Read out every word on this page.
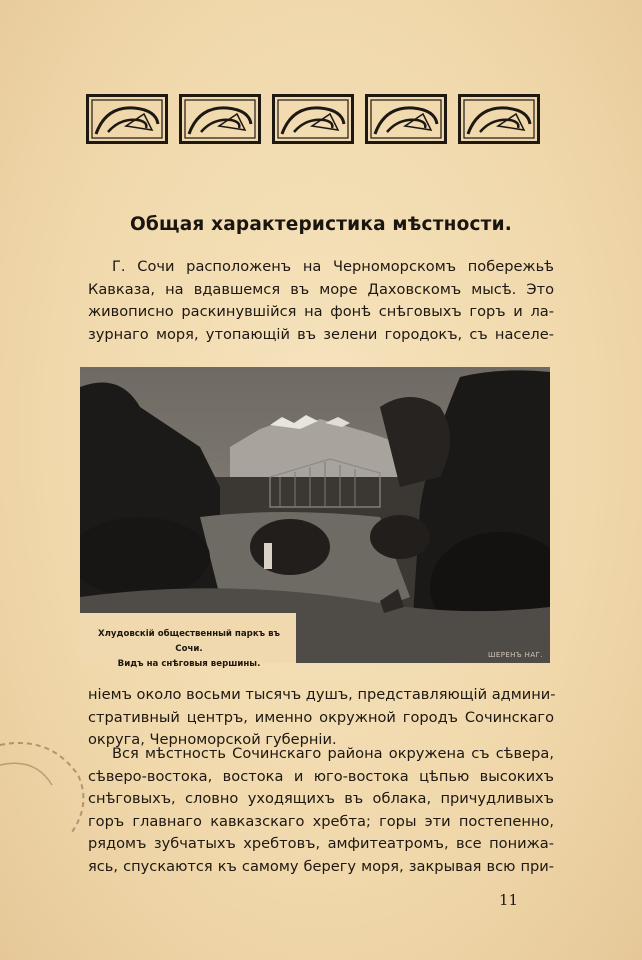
Общая характеристика мѣстности.
Г. Сочи расположенъ на Черноморскомъ побережьѣ
Кавказа, на вдавшемся въ море Даховскомъ мысѣ. Это
живописно раскинувшійся на фонѣ снѣговыхъ горъ и ла-
зурнаго моря, утопающій въ зелени городокъ, съ населе-
Хлудовскій общественный паркъ въ Сочи.
Видъ на снѣговыя вершины.
ШЕРЕНЪ НАГ.
ніемъ около восьми тысячъ душъ, представляющій админи-
стративный центръ, именно окружной городъ Сочинскаго
округа, Черноморской губерніи.
Вся мѣстность Сочинскаго района окружена съ сѣвера,
сѣверо-востока, востока и юго-востока цѣпью высокихъ
снѣговыхъ, словно уходящихъ въ облака, причудливыхъ
горъ главнаго кавказскаго хребта; горы эти постепенно,
рядомъ зубчатыхъ хребтовъ, амфитеатромъ, все понижа-
ясь, спускаются къ самому берегу моря, закрывая всю при-
11
